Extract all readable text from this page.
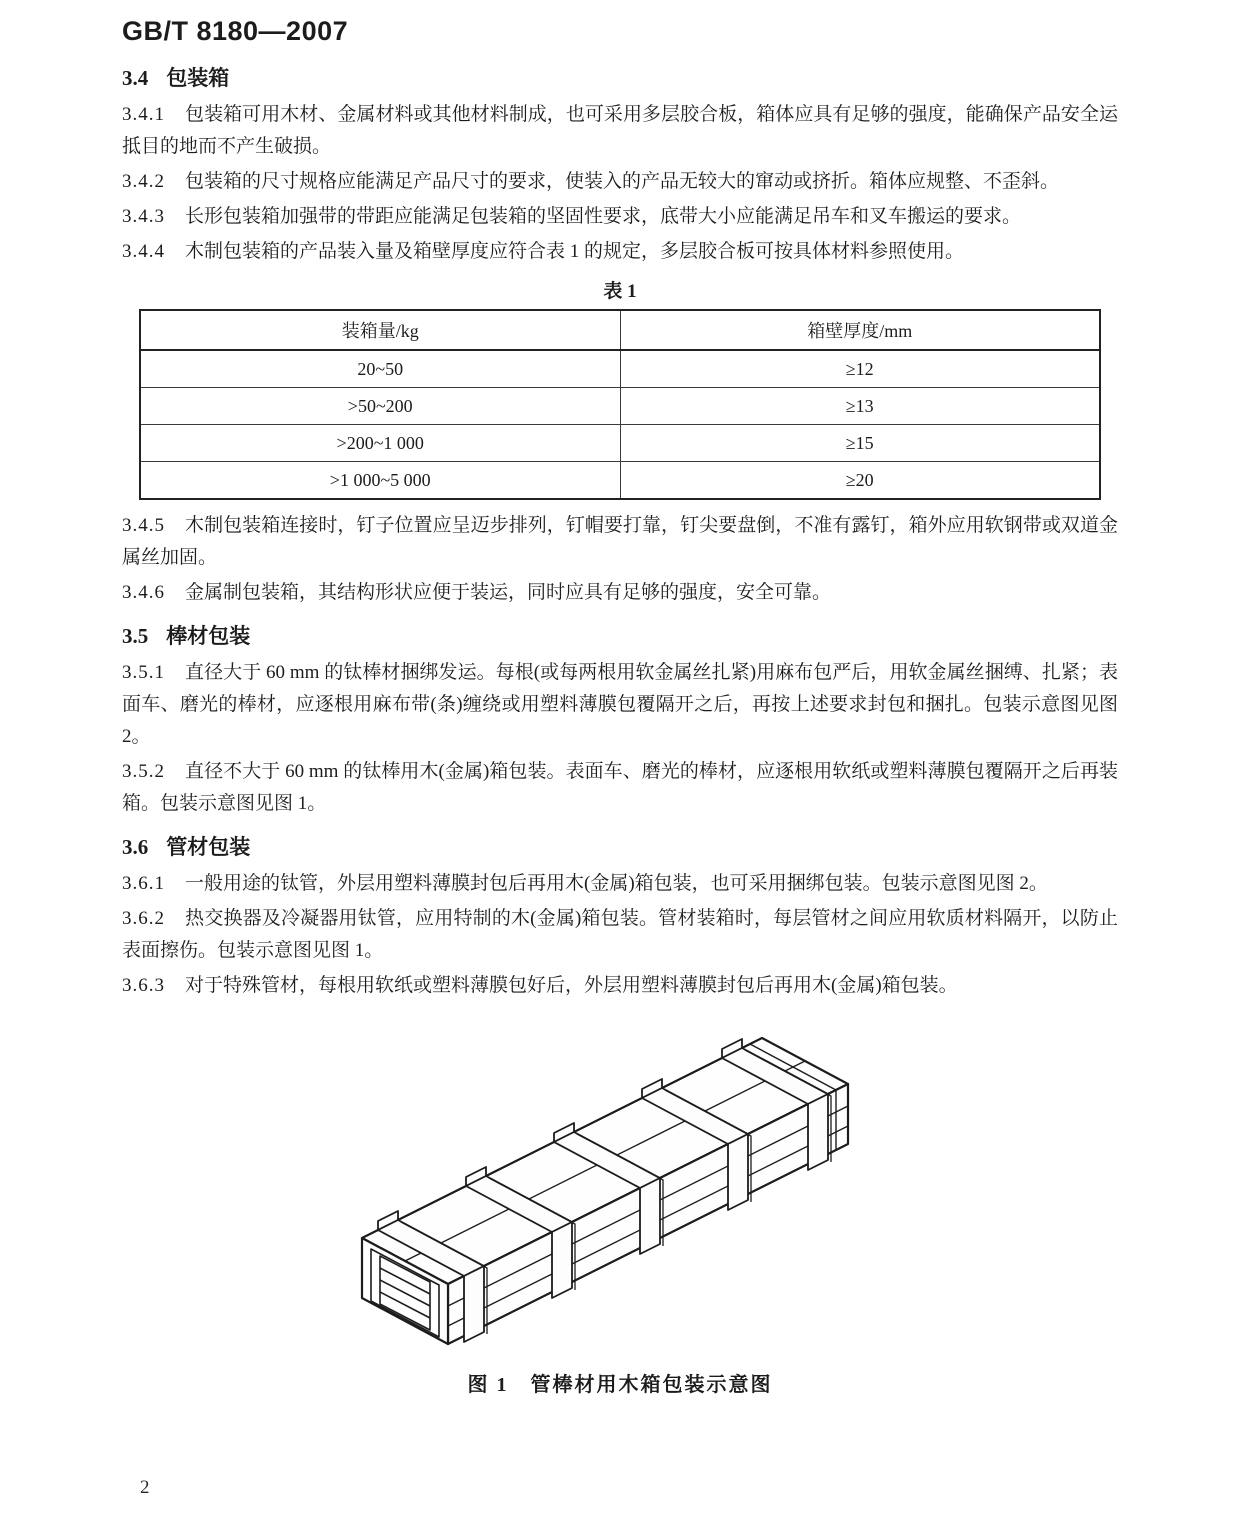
GB/T 8180—2007
3.4 包装箱

3.4.1 包装箱可用木材、金属材料或其他材料制成，也可采用多层胶合板，箱体应具有足够的强度，能确保产品安全运抵目的地而不产生破损。

3.4.2 包装箱的尺寸规格应能满足产品尺寸的要求，使装入的产品无较大的窜动或挤折。箱体应规整、不歪斜。

3.4.3 长形包装箱加强带的带距应能满足包装箱的坚固性要求，底带大小应能满足吊车和叉车搬运的要求。

3.4.4 木制包装箱的产品装入量及箱壁厚度应符合表 1 的规定，多层胶合板可按具体材料参照使用。

表 1
装箱量/kg	箱壁厚度/mm
20~50	≥12
>50~200	≥13
>200~1 000	≥15
>1 000~5 000	≥20

3.4.5 木制包装箱连接时，钉子位置应呈迈步排列，钉帽要打靠，钉尖要盘倒，不准有露钉，箱外应用软钢带或双道金属丝加固。

3.4.6 金属制包装箱，其结构形状应便于装运，同时应具有足够的强度，安全可靠。

3.5 棒材包装

3.5.1 直径大于 60 mm 的钛棒材捆绑发运。每根(或每两根用软金属丝扎紧)用麻布包严后，用软金属丝捆缚、扎紧；表面车、磨光的棒材，应逐根用麻布带(条)缠绕或用塑料薄膜包覆隔开之后，再按上述要求封包和捆扎。包装示意图见图 2。

3.5.2 直径不大于 60 mm 的钛棒用木(金属)箱包装。表面车、磨光的棒材，应逐根用软纸或塑料薄膜包覆隔开之后再装箱。包装示意图见图 1。

3.6 管材包装

3.6.1 一般用途的钛管，外层用塑料薄膜封包后再用木(金属)箱包装，也可采用捆绑包装。包装示意图见图 2。

3.6.2 热交换器及冷凝器用钛管，应用特制的木(金属)箱包装。管材装箱时，每层管材之间应用软质材料隔开，以防止表面擦伤。包装示意图见图 1。

3.6.3 对于特殊管材，每根用软纸或塑料薄膜包好后，外层用塑料薄膜封包后再用木(金属)箱包装。

图 1　管棒材用木箱包装示意图
2
